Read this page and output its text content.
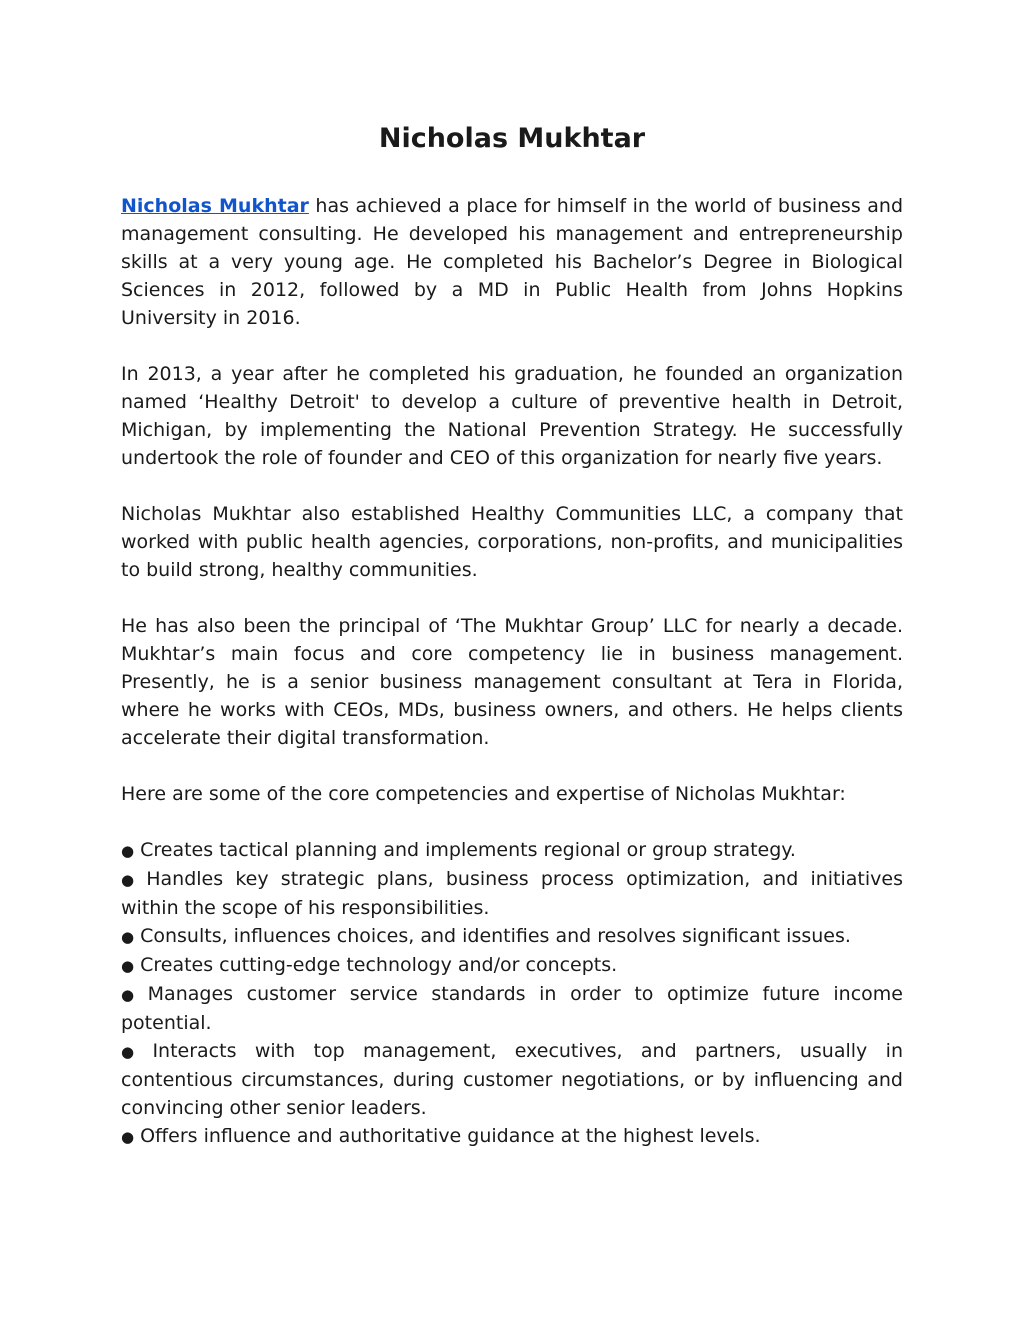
Nicholas Mukhtar

Nicholas Mukhtar has achieved a place for himself in the world of business and management consulting. He developed his management and entrepreneurship skills at a very young age. He completed his Bachelor’s Degree in Biological Sciences in 2012, followed by a MD in Public Health from Johns Hopkins University in 2016.

In 2013, a year after he completed his graduation, he founded an organization named ‘Healthy Detroit' to develop a culture of preventive health in Detroit, Michigan, by implementing the National Prevention Strategy. He successfully undertook the role of founder and CEO of this organization for nearly five years.

Nicholas Mukhtar also established Healthy Communities LLC, a company that worked with public health agencies, corporations, non-profits, and municipalities to build strong, healthy communities.

He has also been the principal of ‘The Mukhtar Group’ LLC for nearly a decade. Mukhtar’s main focus and core competency lie in business management. Presently, he is a senior business management consultant at Tera in Florida, where he works with CEOs, MDs, business owners, and others. He helps clients accelerate their digital transformation.

Here are some of the core competencies and expertise of Nicholas Mukhtar:

● Creates tactical planning and implements regional or group strategy.
● Handles key strategic plans, business process optimization, and initiatives within the scope of his responsibilities.
● Consults, influences choices, and identifies and resolves significant issues.
● Creates cutting-edge technology and/or concepts.
● Manages customer service standards in order to optimize future income potential.
● Interacts with top management, executives, and partners, usually in contentious circumstances, during customer negotiations, or by influencing and convincing other senior leaders.
● Offers influence and authoritative guidance at the highest levels.
